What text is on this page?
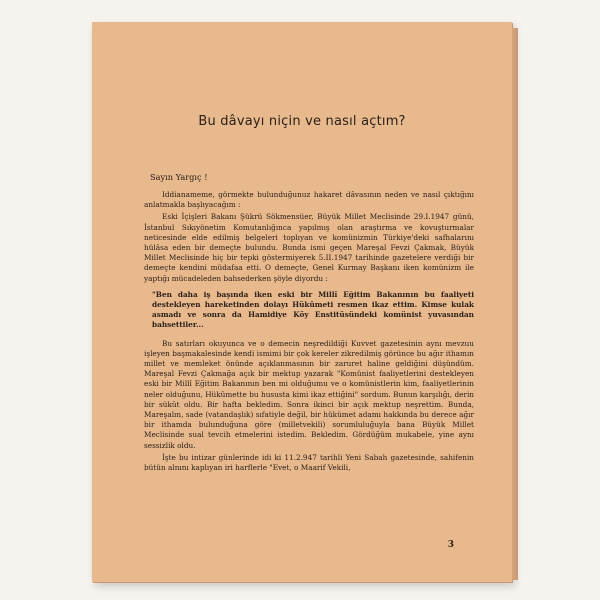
Bu dâvayı niçin ve nasıl açtım?
Sayın Yargıç !

Iddianameme, görmekte bulunduğunuz hakaret dâvasının neden ve nasıl çıktığını anlatmakla başlıyacağım :

Eski İçişleri Bakanı Şükrü Sökmensüer, Büyük Millet Meclisinde 29.I.1947 günü, İstanbul Sıkıyönetim Komutanlığınca yapılmış olan araştırma ve kovuşturmalar neticesinde elde edilmiş belgeleri toplıyan ve komünizmin Türkiye'deki safhalarını hülâsa eden bir demeçte bulundu. Bunda ismi geçen Mareşal Fevzi Çakmak, Büyük Millet Meclisinde hiç bir tepki göstermiyerek 5.II.1947 tarihinde gazetelere verdiği bir demeçte kendini müdafaa etti. O demeçte, Genel Kurmay Başkanı iken komünizm ile yaptığı mücadeleden bahsederken şöyle diyordu :

"Ben daha iş başında iken eski bir Millî Eğitim Bakanının bu faaliyeti destekleyen hareketinden dolayı Hükûmeti resmen ikaz ettim. Kimse kulak asmadı ve sonra da Hamidiye Köy Enstitüsündeki komünist yuvasından bahsettiler...

Bu satırları okuyunca ve o demecin neşredildiği Kuvvet gazetesinin aynı mevzuu işleyen başmakalesinde kendi ismimi bir çok kereler zikredilmiş görünce bu ağır ithamın millet ve memleket önünde açıklanmasının bir zaruret haline geldiğini düşündüm. Mareşal Fevzi Çakmağa açık bir mektup yazarak "Komünist faaliyetlerini destekleyen eski bir Millî Eğitim Bakanının ben mi olduğumu ve o komünistlerin kim, faaliyetlerinin neler olduğunu, Hükûmette bu hususta kimi ikaz ettiğini" sordum. Bunun karşılığı, derin bir sükût oldu. Bir hafta bekledim. Sonra ikinci bir açık mektup neşrettim. Bunda, Mareşalın, sade (vatandaşlık) sıfatiyle değil, bir hükümet adamı hakkında bu derece ağır bir ithamda bulunduğuna göre (milletvekili) sorumluluğuyla bana Büyük Millet Meclisinde sual tevcih etmelerini istedim. Bekledim. Gördüğüm mukabele, yine aynı sessizlik oldu.

İşte bu intizar günlerinde idi ki 11.2.947 tarihli Yeni Sabah gazetesinde, sahifenin bütün alnını kaplıyan iri harflerle "Evet, o Maarif Vekili,

3
